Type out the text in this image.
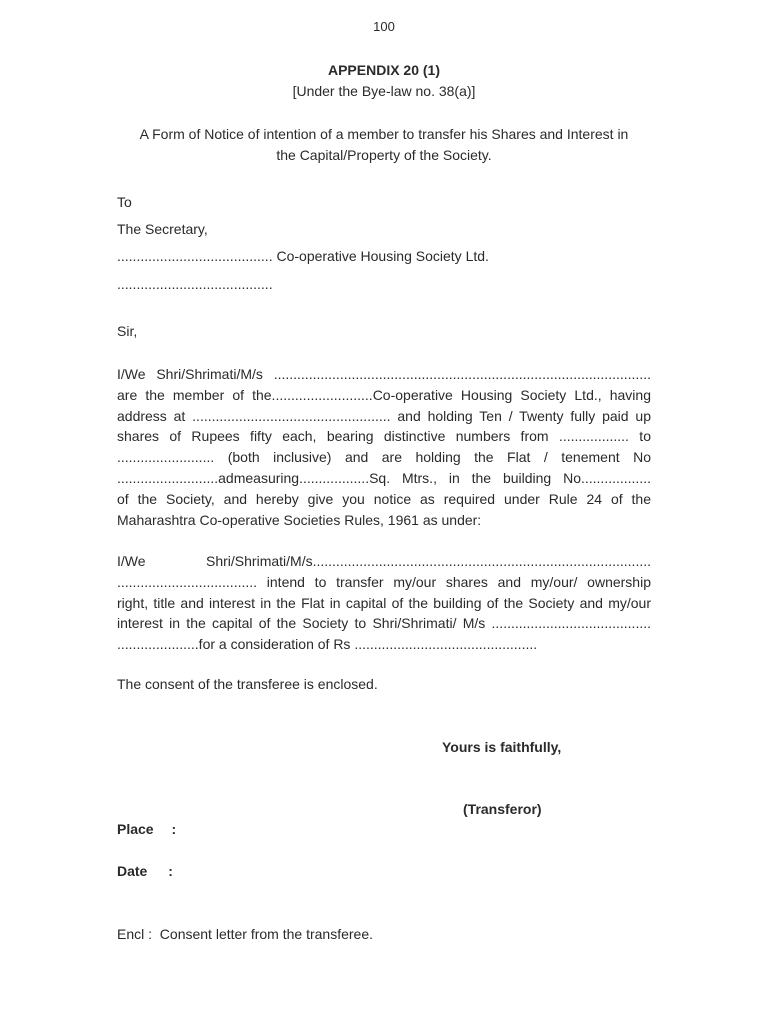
100
APPENDIX 20 (1)
[Under the Bye-law no. 38(a)]
A Form of Notice of intention of a member to transfer his Shares and Interest in
the Capital/Property of the Society.
To
The Secretary,
........................................ Co-operative Housing Society Ltd.
........................................
Sir,
I/We Shri/Shrimati/M/s .................................................................................................
are the member of the..........................Co-operative Housing Society Ltd., having
address at ................................................... and holding Ten / Twenty fully paid up
shares of Rupees fifty each, bearing distinctive numbers from .................. to
......................... (both inclusive) and are holding the Flat / tenement No
..........................admeasuring..................Sq. Mtrs., in the building No..................
of the Society, and hereby give you notice as required under Rule 24 of the
Maharashtra Co-operative Societies Rules, 1961 as under:
I/We Shri/Shrimati/M/s.......................................................................................
.................................... intend to transfer my/our shares and my/our/ ownership
right, title and interest in the Flat in capital of the building of the Society and my/our
interest in the capital of the Society to Shri/Shrimati/ M/s .........................................
.....................for a consideration of Rs ...............................................
The consent of the transferee is enclosed.
Yours is faithfully,
(Transferor)
Place :
Date :
Encl :  Consent letter from the transferee.
